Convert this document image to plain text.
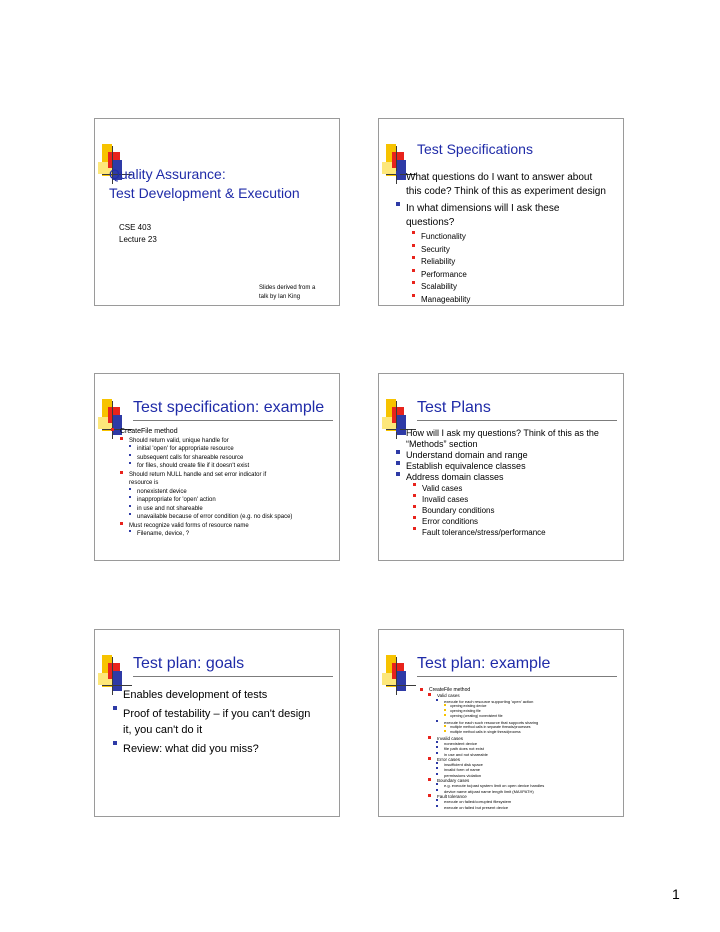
Quality Assurance:
Test Development & Execution
CSE 403
Lecture 23
Slides derived from a
talk by Ian King
Test Specifications
What questions do I want to answer about this code? Think of this as experiment design
In what dimensions will I ask these questions?
Functionality
Security
Reliability
Performance
Scalability
Manageability
Test specification: example
CreateFile method
Should return valid, unique handle for
initial 'open' for appropriate resource
subsequent calls for shareable resource
for files, should create file if it doesn't exist
Should return NULL handle and set error indicator if resource is
nonexistent device
inappropriate for 'open' action
in use and not shareable
unavailable because of error condition (e.g. no disk space)
Must recognize valid forms of resource name
Filename, device, ?
Test Plans
How will I ask my questions? Think of this as the “Methods” section
Understand domain and range
Establish equivalence classes
Address domain classes
Valid cases
Invalid cases
Boundary conditions
Error conditions
Fault tolerance/stress/performance
Test plan: goals
Enables development of tests
Proof of testability – if you can't design it, you can't do it
Review: what did you miss?
Test plan: example
CreateFile method
Valid cases
execute for each resource supporting 'open' action
opening existing device
opening existing file
opening (creating) nonexistent file
execute for each such resource that supports sharing
multiple method calls in separate threads/processes
multiple method calls in single thread/process
Invalid cases
nonexistent device
file path does not exist
in use and not shareable
Error cases
insufficient disk space
invalid form of name
permissions violation
Boundary cases
e.g. execute to/past system limit on open device handles
device name at/past name length limit (MAXPATH)
Fault tolerance
execute on failed/corrupted filesystem
execute on failed but present device
1
